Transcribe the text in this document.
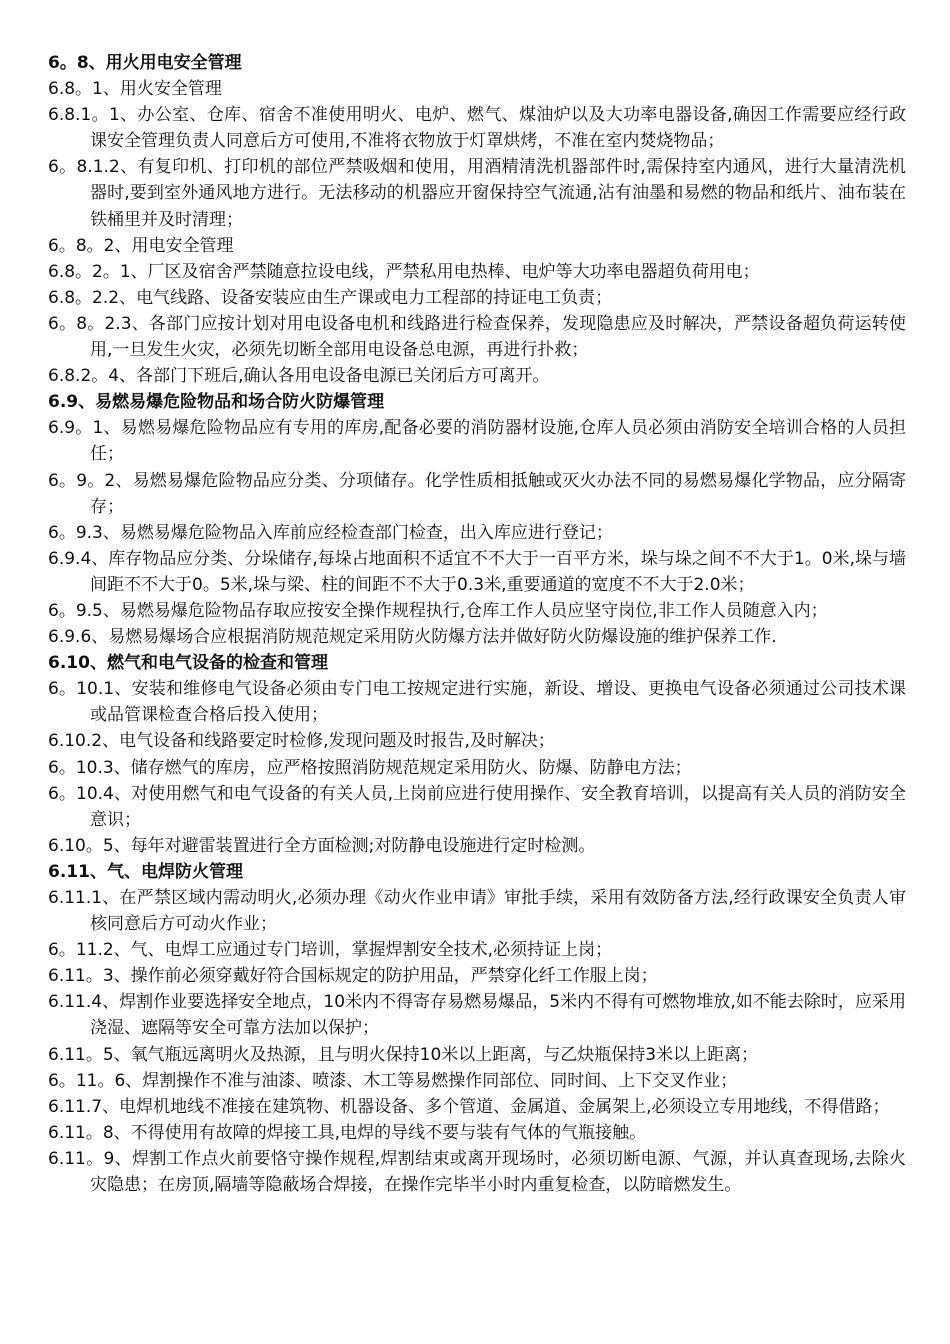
6。8、用火用电安全管理
6.8。1、用火安全管理
6.8.1。1、办公室、仓库、宿舍不准使用明火、电炉、燃气、煤油炉以及大功率电器设备,确因工作需要应经行政课安全管理负责人同意后方可使用,不准将衣物放于灯罩烘烤，不准在室内焚烧物品；
6。8.1.2、有复印机、打印机的部位严禁吸烟和使用，用酒精清洗机器部件时,需保持室内通风，进行大量清洗机器时,要到室外通风地方进行。无法移动的机器应开窗保持空气流通,沾有油墨和易燃的物品和纸片、油布装在铁桶里并及时清理；
6。8。2、用电安全管理
6.8。2。1、厂区及宿舍严禁随意拉设电线，严禁私用电热棒、电炉等大功率电器超负荷用电；
6.8。2.2、电气线路、设备安装应由生产课或电力工程部的持证电工负责；
6。8。2.3、各部门应按计划对用电设备电机和线路进行检查保养，发现隐患应及时解决，严禁设备超负荷运转使用,一旦发生火灾，必须先切断全部用电设备总电源，再进行扑救；
6.8.2。4、各部门下班后,确认各用电设备电源已关闭后方可离开。
6.9、易燃易爆危险物品和场合防火防爆管理
6.9。1、易燃易爆危险物品应有专用的库房,配备必要的消防器材设施,仓库人员必须由消防安全培训合格的人员担任；
6。9。2、易燃易爆危险物品应分类、分项储存。化学性质相抵触或灭火办法不同的易燃易爆化学物品，应分隔寄存；
6。9.3、易燃易爆危险物品入库前应经检查部门检查，出入库应进行登记；
6.9.4、库存物品应分类、分垛储存,每垛占地面积不适宜不不大于一百平方米，垛与垛之间不不大于1。0米,垛与墙间距不不大于0。5米,垛与梁、柱的间距不不大于0.3米,重要通道的宽度不不大于2.0米；
6。9.5、易燃易爆危险物品存取应按安全操作规程执行,仓库工作人员应坚守岗位,非工作人员随意入内；
6.9.6、易燃易爆场合应根据消防规范规定采用防火防爆方法并做好防火防爆设施的维护保养工作.
6.10、燃气和电气设备的检查和管理
6。10.1、安装和维修电气设备必须由专门电工按规定进行实施，新设、增设、更换电气设备必须通过公司技术课或品管课检查合格后投入使用；
6.10.2、电气设备和线路要定时检修,发现问题及时报告,及时解决；
6。10.3、储存燃气的库房，应严格按照消防规范规定采用防火、防爆、防静电方法；
6。10.4、对使用燃气和电气设备的有关人员,上岗前应进行使用操作、安全教育培训，以提高有关人员的消防安全意识；
6.10。5、每年对避雷装置进行全方面检测;对防静电设施进行定时检测。
6.11、气、电焊防火管理
6.11.1、在严禁区域内需动明火,必须办理《动火作业申请》审批手续，采用有效防备方法,经行政课安全负责人审核同意后方可动火作业；
6。11.2、气、电焊工应通过专门培训，掌握焊割安全技术,必须持证上岗；
6.11。3、操作前必须穿戴好符合国标规定的防护用品，严禁穿化纤工作服上岗；
6.11.4、焊割作业要选择安全地点，10米内不得寄存易燃易爆品，5米内不得有可燃物堆放,如不能去除时，应采用浇湿、遮隔等安全可靠方法加以保护；
6.11。5、氧气瓶远离明火及热源，且与明火保持10米以上距离，与乙炔瓶保持3米以上距离；
6。11。6、焊割操作不准与油漆、喷漆、木工等易燃操作同部位、同时间、上下交叉作业；
6.11.7、电焊机地线不准接在建筑物、机器设备、多个管道、金属道、金属架上,必须设立专用地线，不得借路；
6.11。8、不得使用有故障的焊接工具,电焊的导线不要与装有气体的气瓶接触。
6.11。9、焊割工作点火前要恪守操作规程,焊割结束或离开现场时，必须切断电源、气源，并认真查现场,去除火灾隐患；在房顶,隔墙等隐蔽场合焊接，在操作完毕半小时内重复检查，以防暗燃发生。
